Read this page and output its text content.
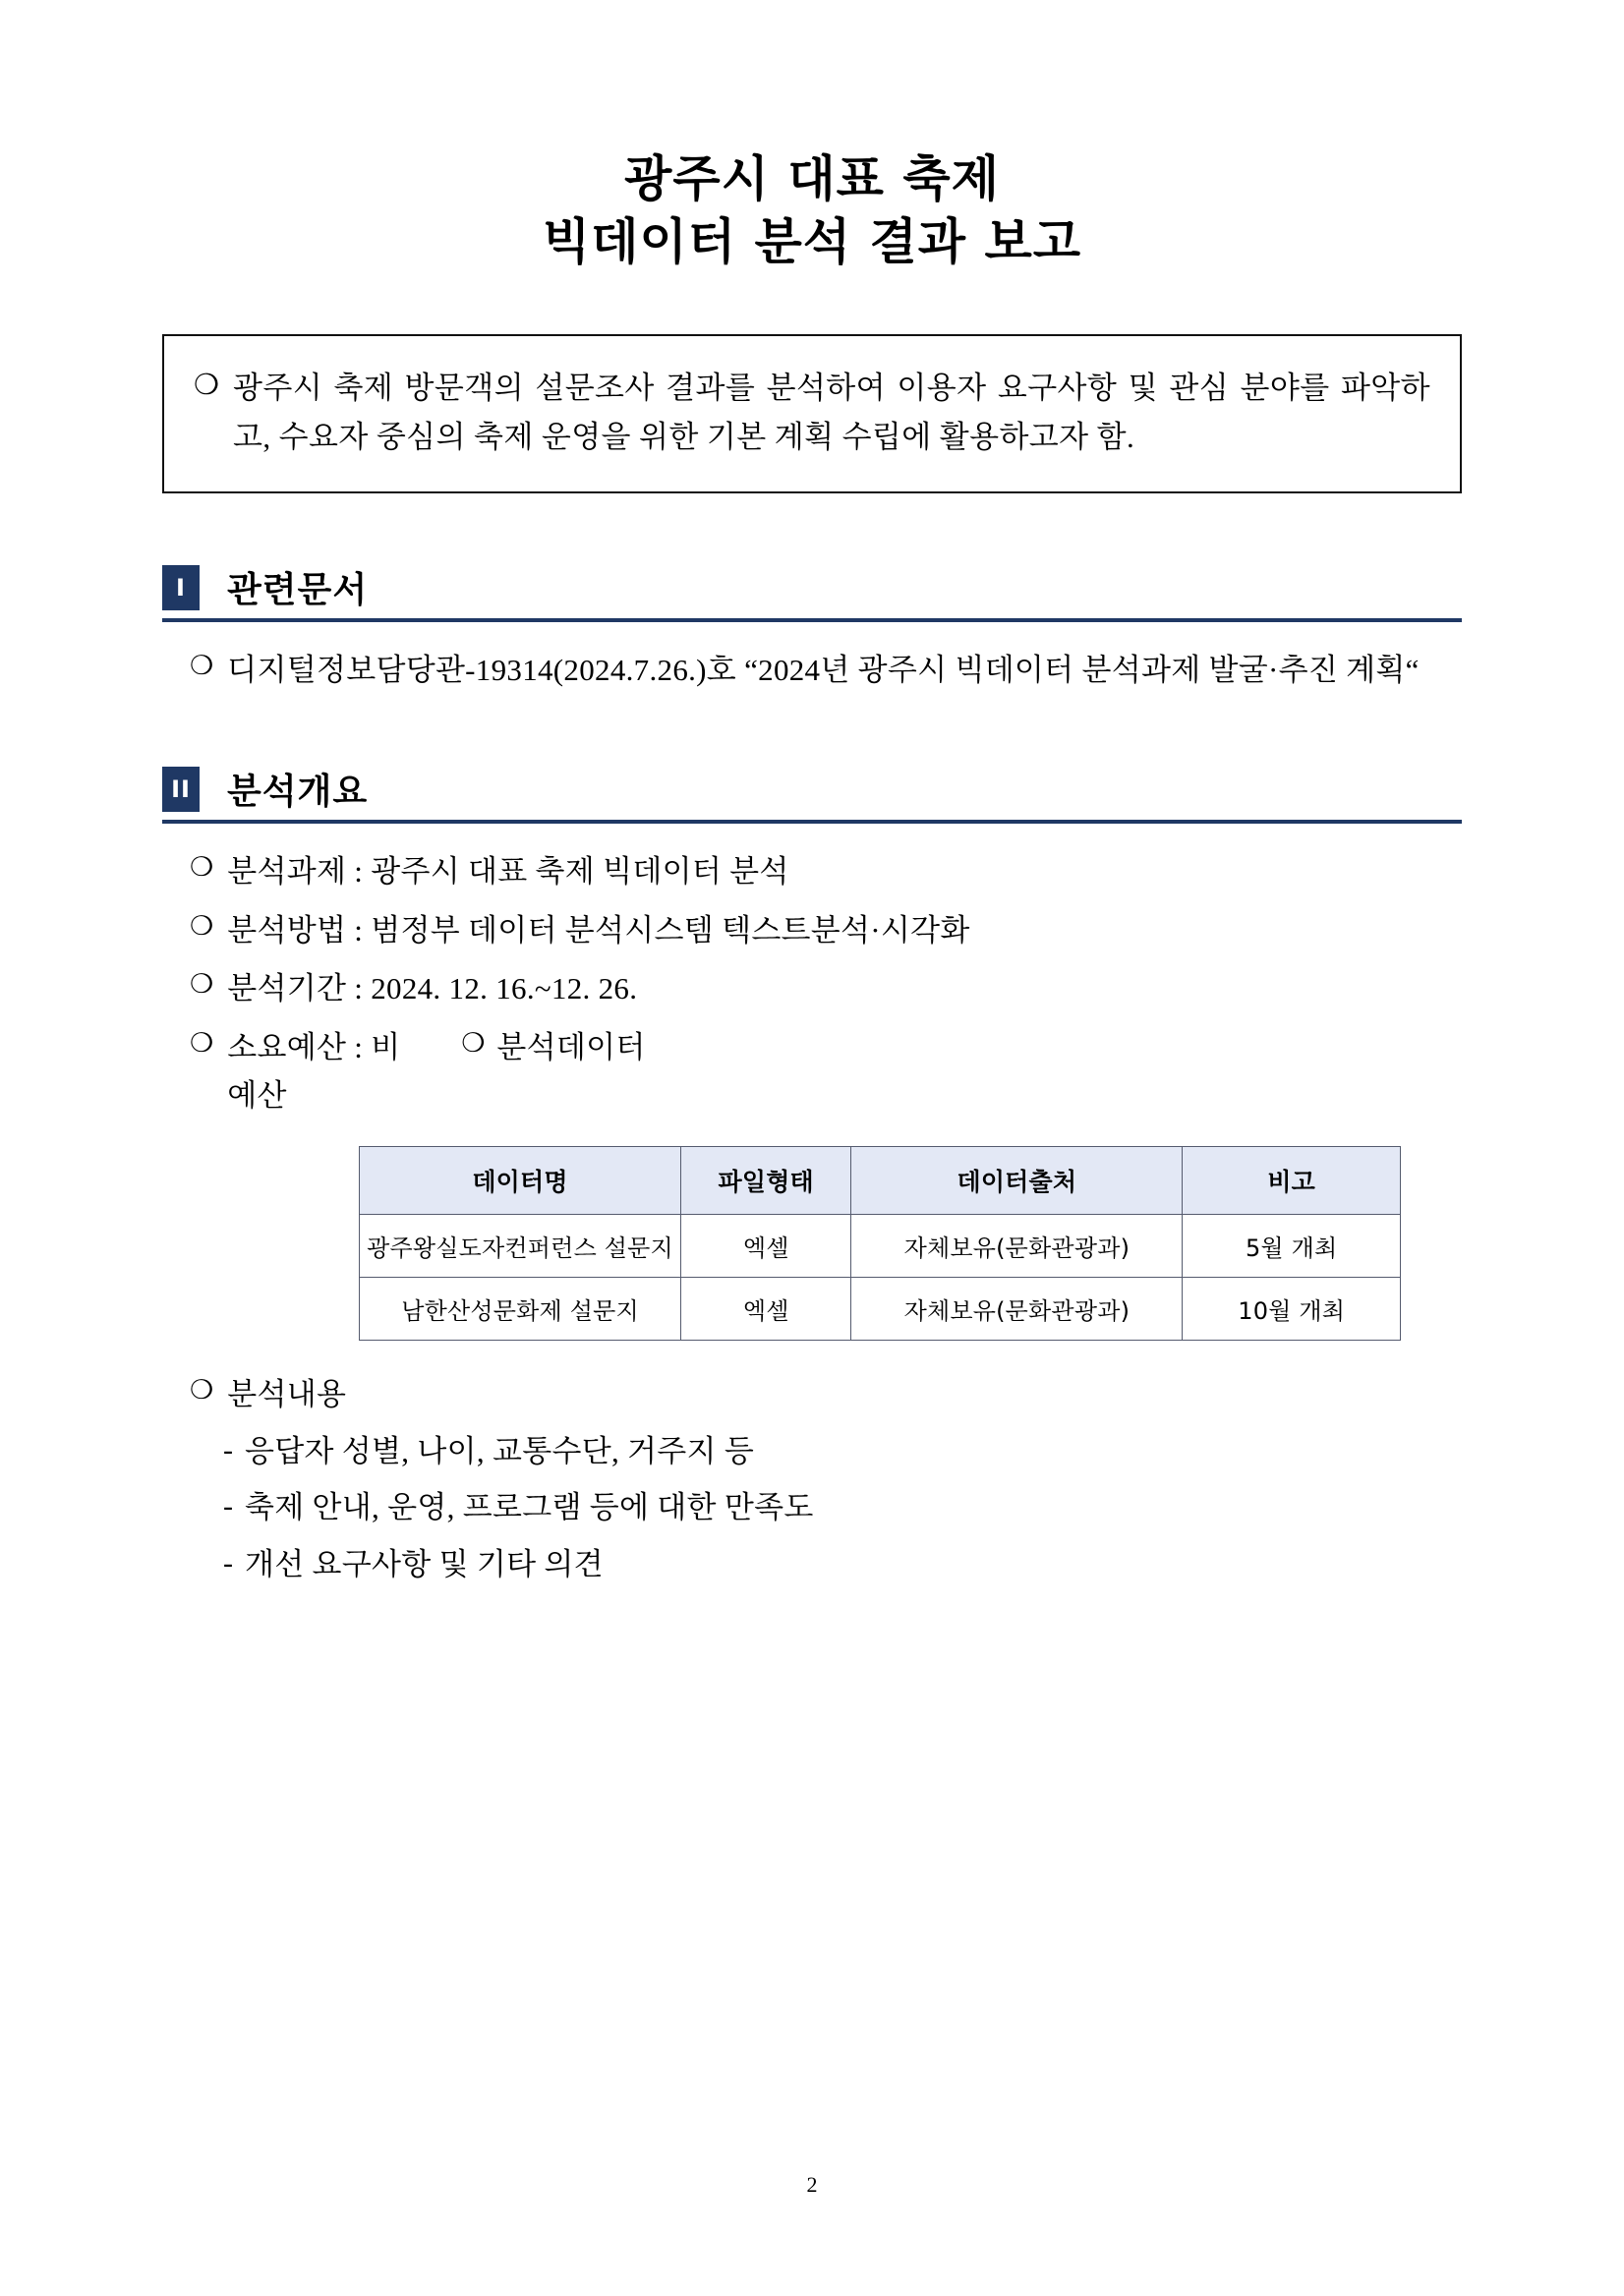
광주시 대표 축제
빅데이터 분석 결과 보고
❍ 광주시 축제 방문객의 설문조사 결과를 분석하여 이용자 요구사항 및 관심 분야를 파악하고, 수요자 중심의 축제 운영을 위한 기본 계획 수립에 활용하고자 함.
I	관련문서
❍ 디지털정보담당관-19314(2024.7.26.)호 “2024년 광주시 빅데이터 분석과제 발굴·추진 계획“
II 분석개요
❍ 분석과제 : 광주시 대표 축제 빅데이터 분석
❍ 분석방법 : 범정부 데이터 분석시스템 텍스트분석·시각화
❍ 분석기간 : 2024. 12. 16.~12. 26.
❍ 소요예산 : 비예산
❍ 분석데이터
데이터명	파일형태	데이터출처	비고
광주왕실도자컨퍼런스 설문지	엑셀	자체보유(문화관광과)	5월 개최
남한산성문화제 설문지	엑셀	자체보유(문화관광과)	10월 개최
❍ 분석내용
- 응답자 성별, 나이, 교통수단, 거주지 등
- 축제 안내, 운영, 프로그램 등에 대한 만족도
- 개선 요구사항 및 기타 의견
2
